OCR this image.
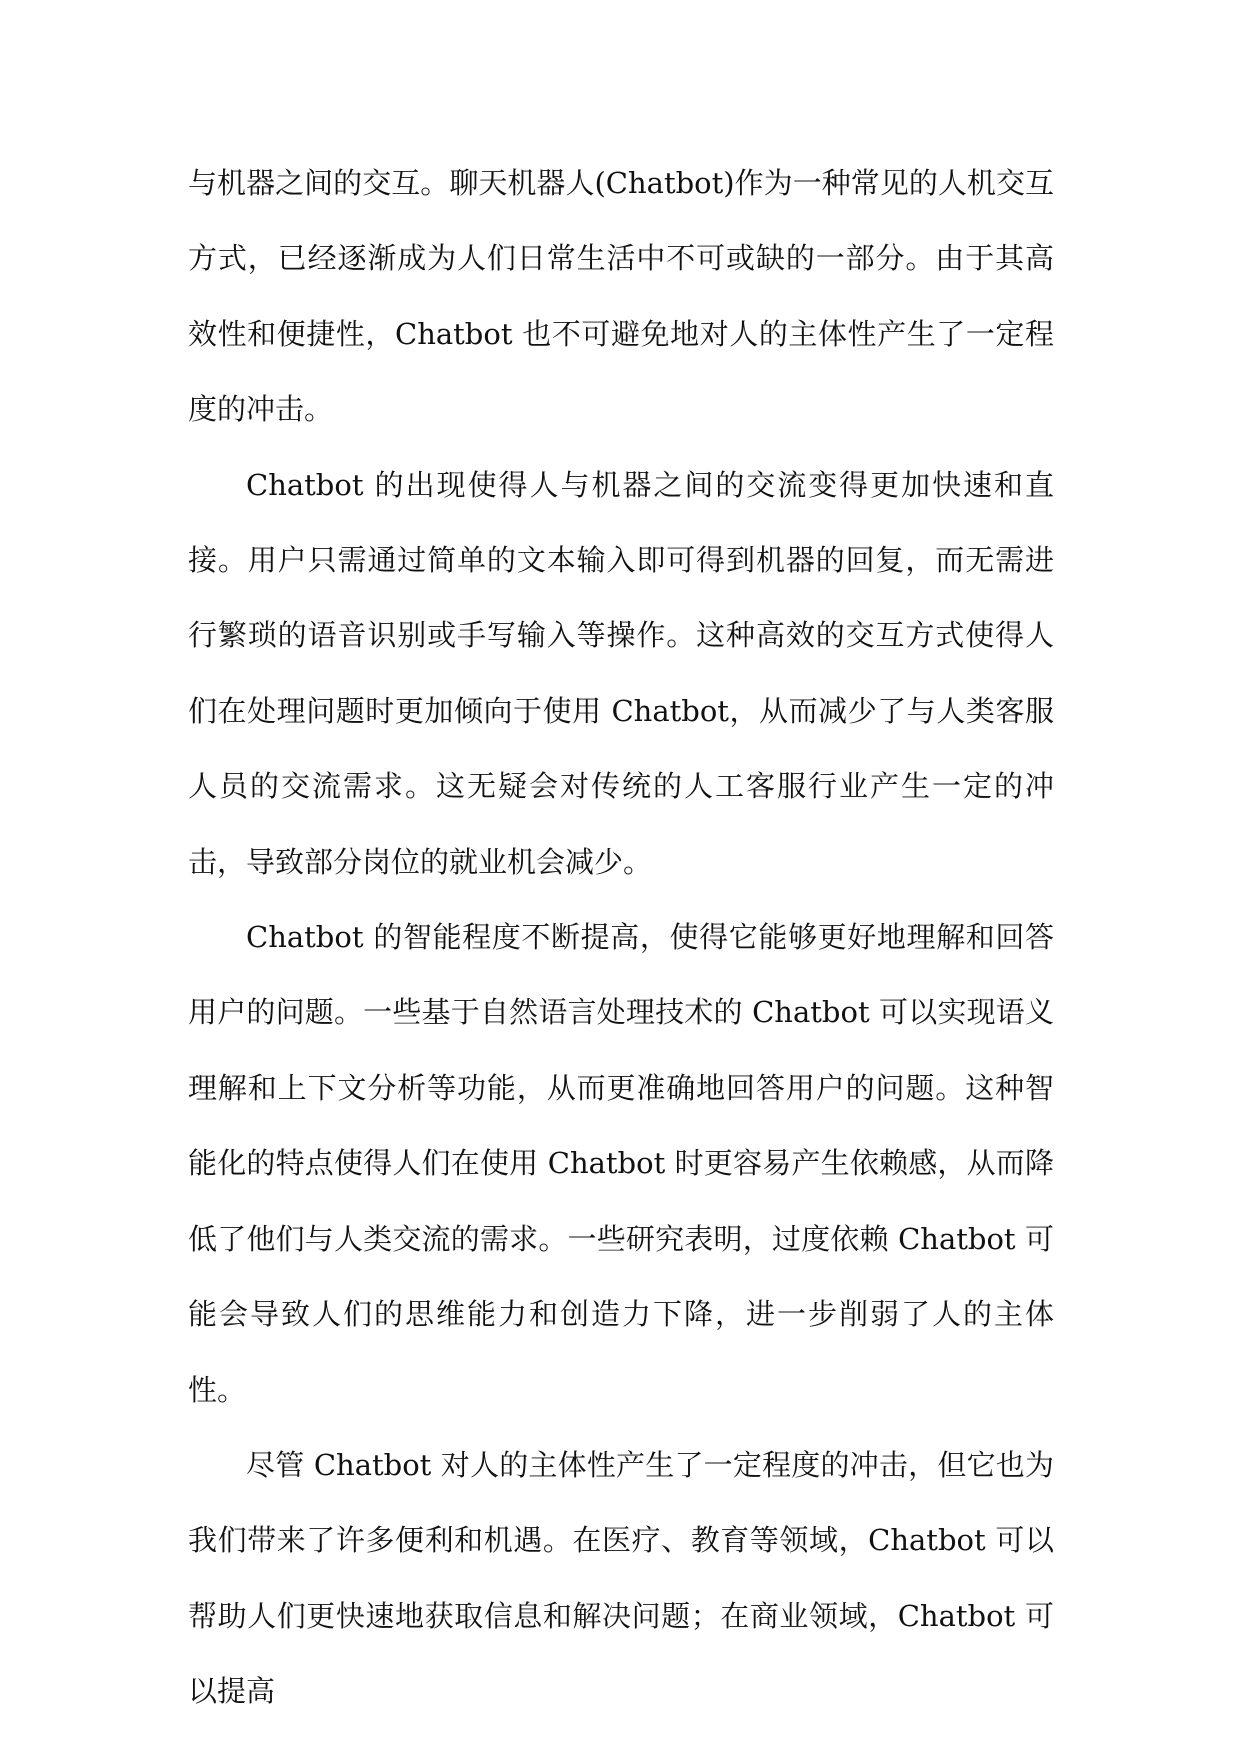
与机器之间的交互。聊天机器人(Chatbot)作为一种常见的人机交互方式，已经逐渐成为人们日常生活中不可或缺的一部分。由于其高效性和便捷性，Chatbot 也不可避免地对人的主体性产生了一定程度的冲击。

Chatbot 的出现使得人与机器之间的交流变得更加快速和直接。用户只需通过简单的文本输入即可得到机器的回复，而无需进行繁琐的语音识别或手写输入等操作。这种高效的交互方式使得人们在处理问题时更加倾向于使用 Chatbot，从而减少了与人类客服人员的交流需求。这无疑会对传统的人工客服行业产生一定的冲击，导致部分岗位的就业机会减少。

Chatbot 的智能程度不断提高，使得它能够更好地理解和回答用户的问题。一些基于自然语言处理技术的 Chatbot 可以实现语义理解和上下文分析等功能，从而更准确地回答用户的问题。这种智能化的特点使得人们在使用 Chatbot 时更容易产生依赖感，从而降低了他们与人类交流的需求。一些研究表明，过度依赖 Chatbot 可能会导致人们的思维能力和创造力下降，进一步削弱了人的主体性。

尽管 Chatbot 对人的主体性产生了一定程度的冲击，但它也为我们带来了许多便利和机遇。在医疗、教育等领域，Chatbot 可以帮助人们更快速地获取信息和解决问题；在商业领域，Chatbot 可以提高
